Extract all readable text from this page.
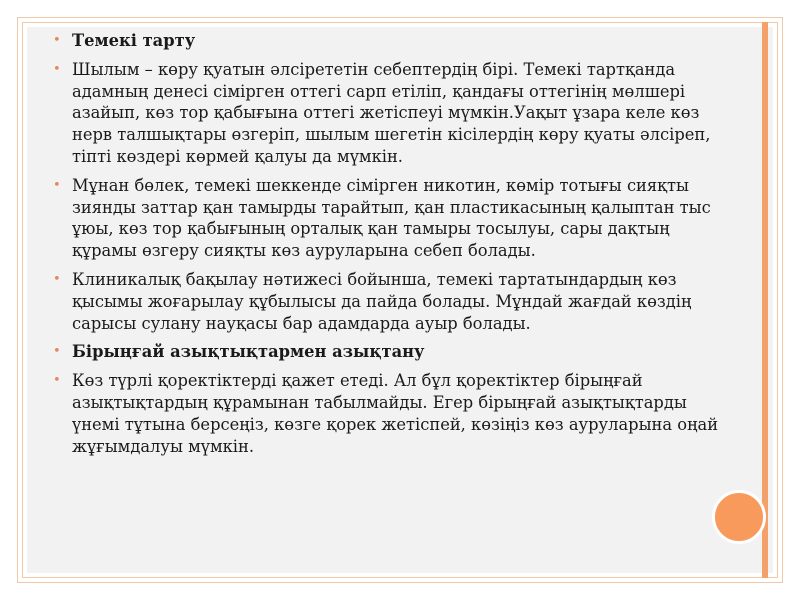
• Темекі тарту
• Шылым – көру қуатын әлсірететін себептердің бірі. Темекі тартқанда адамның денесі сімірген оттегі сарп етіліп, қандағы оттегінің мөлшері азайып, көз тор қабығына оттегі жетіспеуі мүмкін.Уақыт ұзара келе көз нерв талшықтары өзгеріп, шылым шегетін кісілердің көру қуаты әлсіреп, тіпті көздері көрмей қалуы да мүмкін.
• Мұнан бөлек, темекі шеккенде сімірген никотин, көмір тотығы сияқты зиянды заттар қан тамырды тарайтып, қан пластикасының қалыптан тыс ұюы, көз тор қабығының орталық қан тамыры тосылуы, сары дақтың құрамы өзгеру сияқты көз ауруларына себеп болады.
• Клиникалық бақылау нәтижесі бойынша, темекі тартатындардың көз қысымы жоғарылау құбылысы да пайда болады. Мұндай жағдай көздің сарысы сулану науқасы бар адамдарда ауыр болады.
• Бірыңғай азықтықтармен азықтану
• Көз түрлі қоректіктерді қажет етеді. Ал бұл қоректіктер бірыңғай азықтықтардың құрамынан табылмайды. Егер бірыңғай азықтықтарды үнемі тұтына берсеңіз, көзге қорек жетіспей, көзіңіз көз ауруларына оңай жұғымдалуы мүмкін.
